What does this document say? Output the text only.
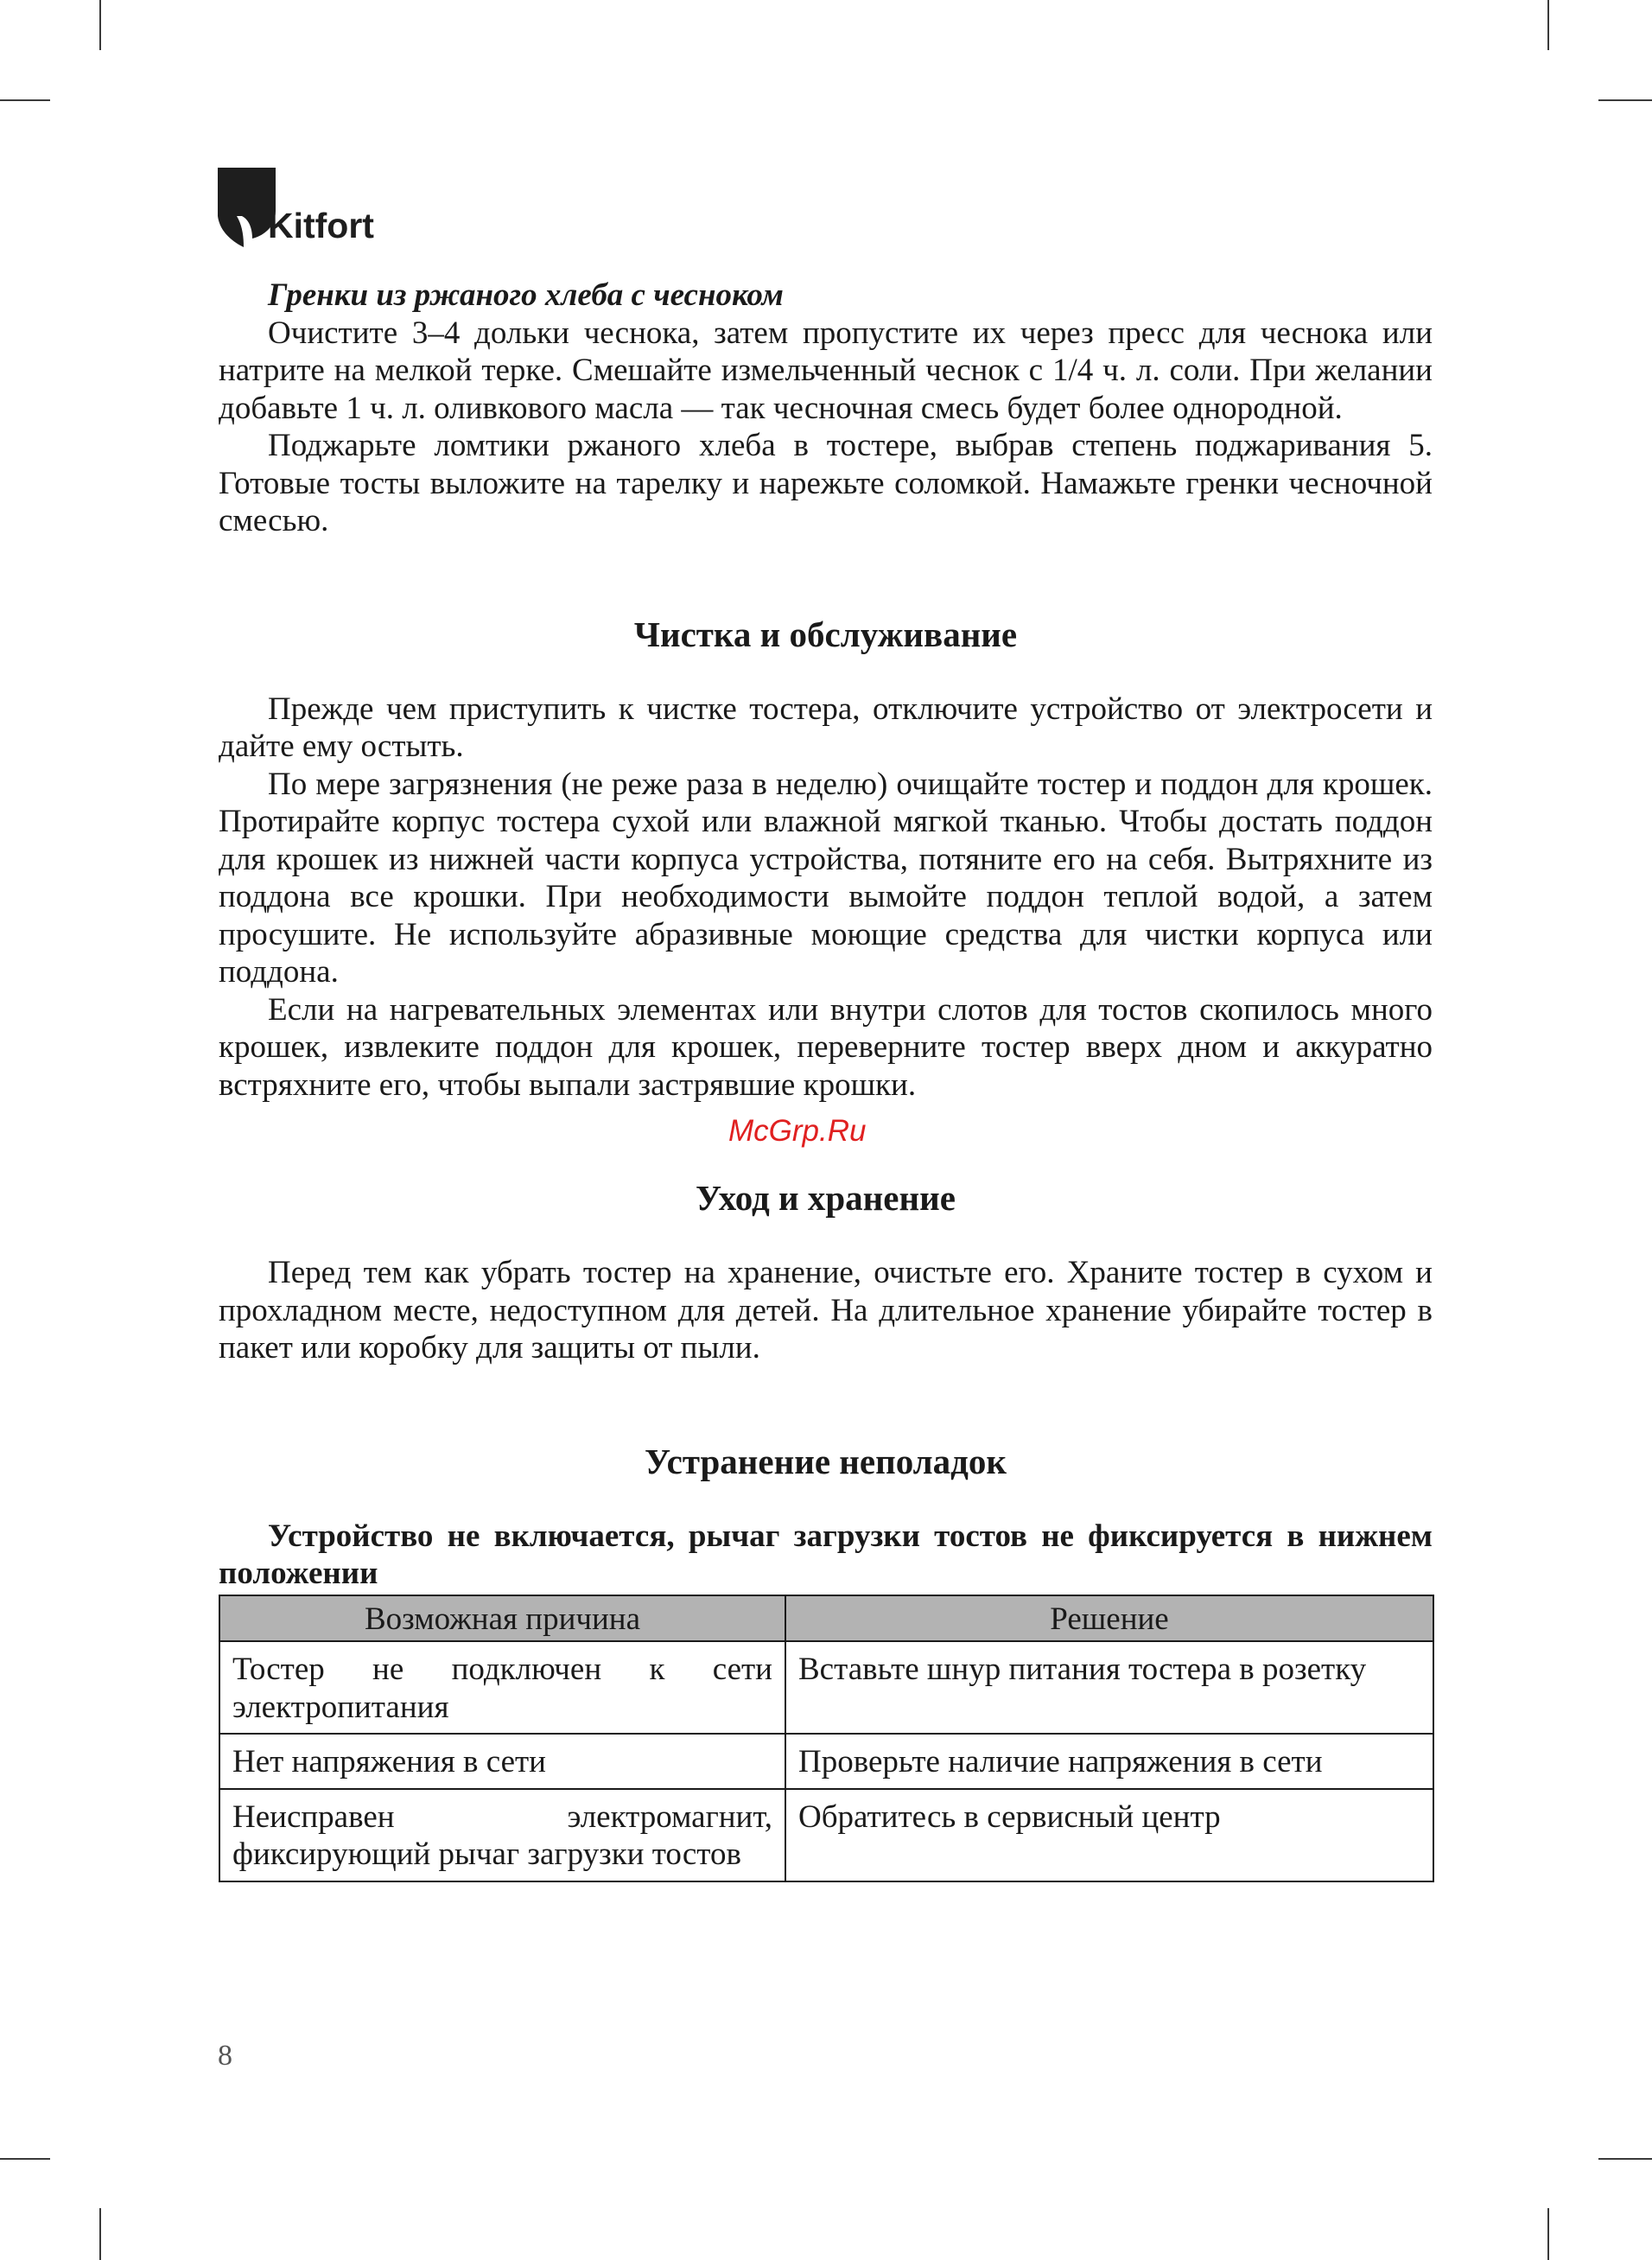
Kitfort

Гренки из ржаного хлеба с чесноком

Очистите 3–4 дольки чеснока, затем пропустите их через пресс для чеснока или натрите на мелкой терке. Смешайте измельченный чеснок с 1/4 ч. л. соли. При желании добавьте 1 ч. л. оливкового масла — так чесночная смесь будет более однородной.

Поджарьте ломтики ржаного хлеба в тостере, выбрав степень поджаривания 5. Готовые тосты выложите на тарелку и нарежьте соломкой. Намажьте гренки чесночной смесью.

Чистка и обслуживание

Прежде чем приступить к чистке тостера, отключите устройство от электросети и дайте ему остыть.

По мере загрязнения (не реже раза в неделю) очищайте тостер и поддон для крошек. Протирайте корпус тостера сухой или влажной мягкой тканью. Чтобы достать поддон для крошек из нижней части корпуса устройства, потяните его на себя. Вытряхните из поддона все крошки. При необходимости вымойте поддон теплой водой, а затем просушите. Не используйте абразивные моющие средства для чистки корпуса или поддона.

Если на нагревательных элементах или внутри слотов для тостов скопилось много крошек, извлеките поддон для крошек, переверните тостер вверх дном и аккуратно встряхните его, чтобы выпали застрявшие крошки.

Уход и хранение

Перед тем как убрать тостер на хранение, очистьте его. Храните тостер в сухом и прохладном месте, недоступном для детей. На длительное хранение убирайте тостер в пакет или коробку для защиты от пыли.

Устранение неполадок

Устройство не включается, рычаг загрузки тостов не фиксируется в нижнем положении

Возможная причина	Решение
Тостер не подключен к сети электропитания	Вставьте шнур питания тостера в розетку
Нет напряжения в сети	Проверьте наличие напряжения в сети
Неисправен электромагнит, фиксирующий рычаг загрузки тостов	Обратитесь в сервисный центр
McGrp.Ru
8
